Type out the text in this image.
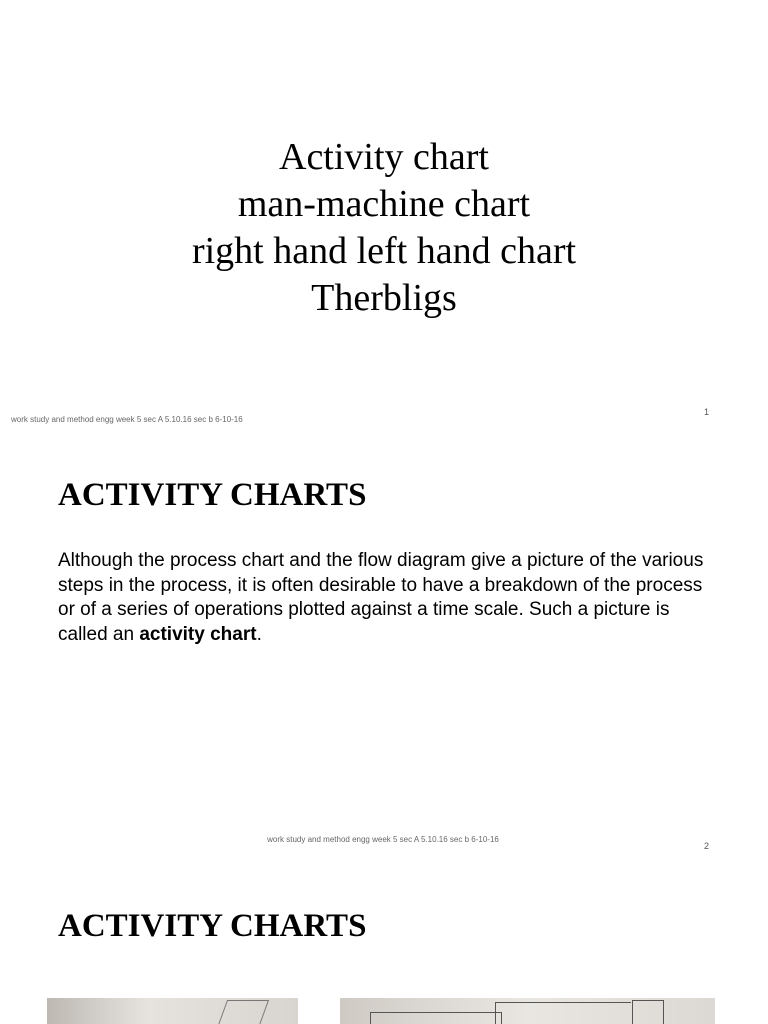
Activity chart
man-machine chart
right hand left hand chart
Therbligs
work study and method engg week 5 sec A 5.10.16 sec b 6-10-16
1
ACTIVITY CHARTS
Although the process chart and the flow diagram give a picture of the various steps in the process, it is often desirable to have a breakdown of the process or of a series of operations plotted against a time scale. Such a picture is called an activity chart.
work study and method engg week 5 sec A 5.10.16 sec b 6-10-16
2
ACTIVITY CHARTS
